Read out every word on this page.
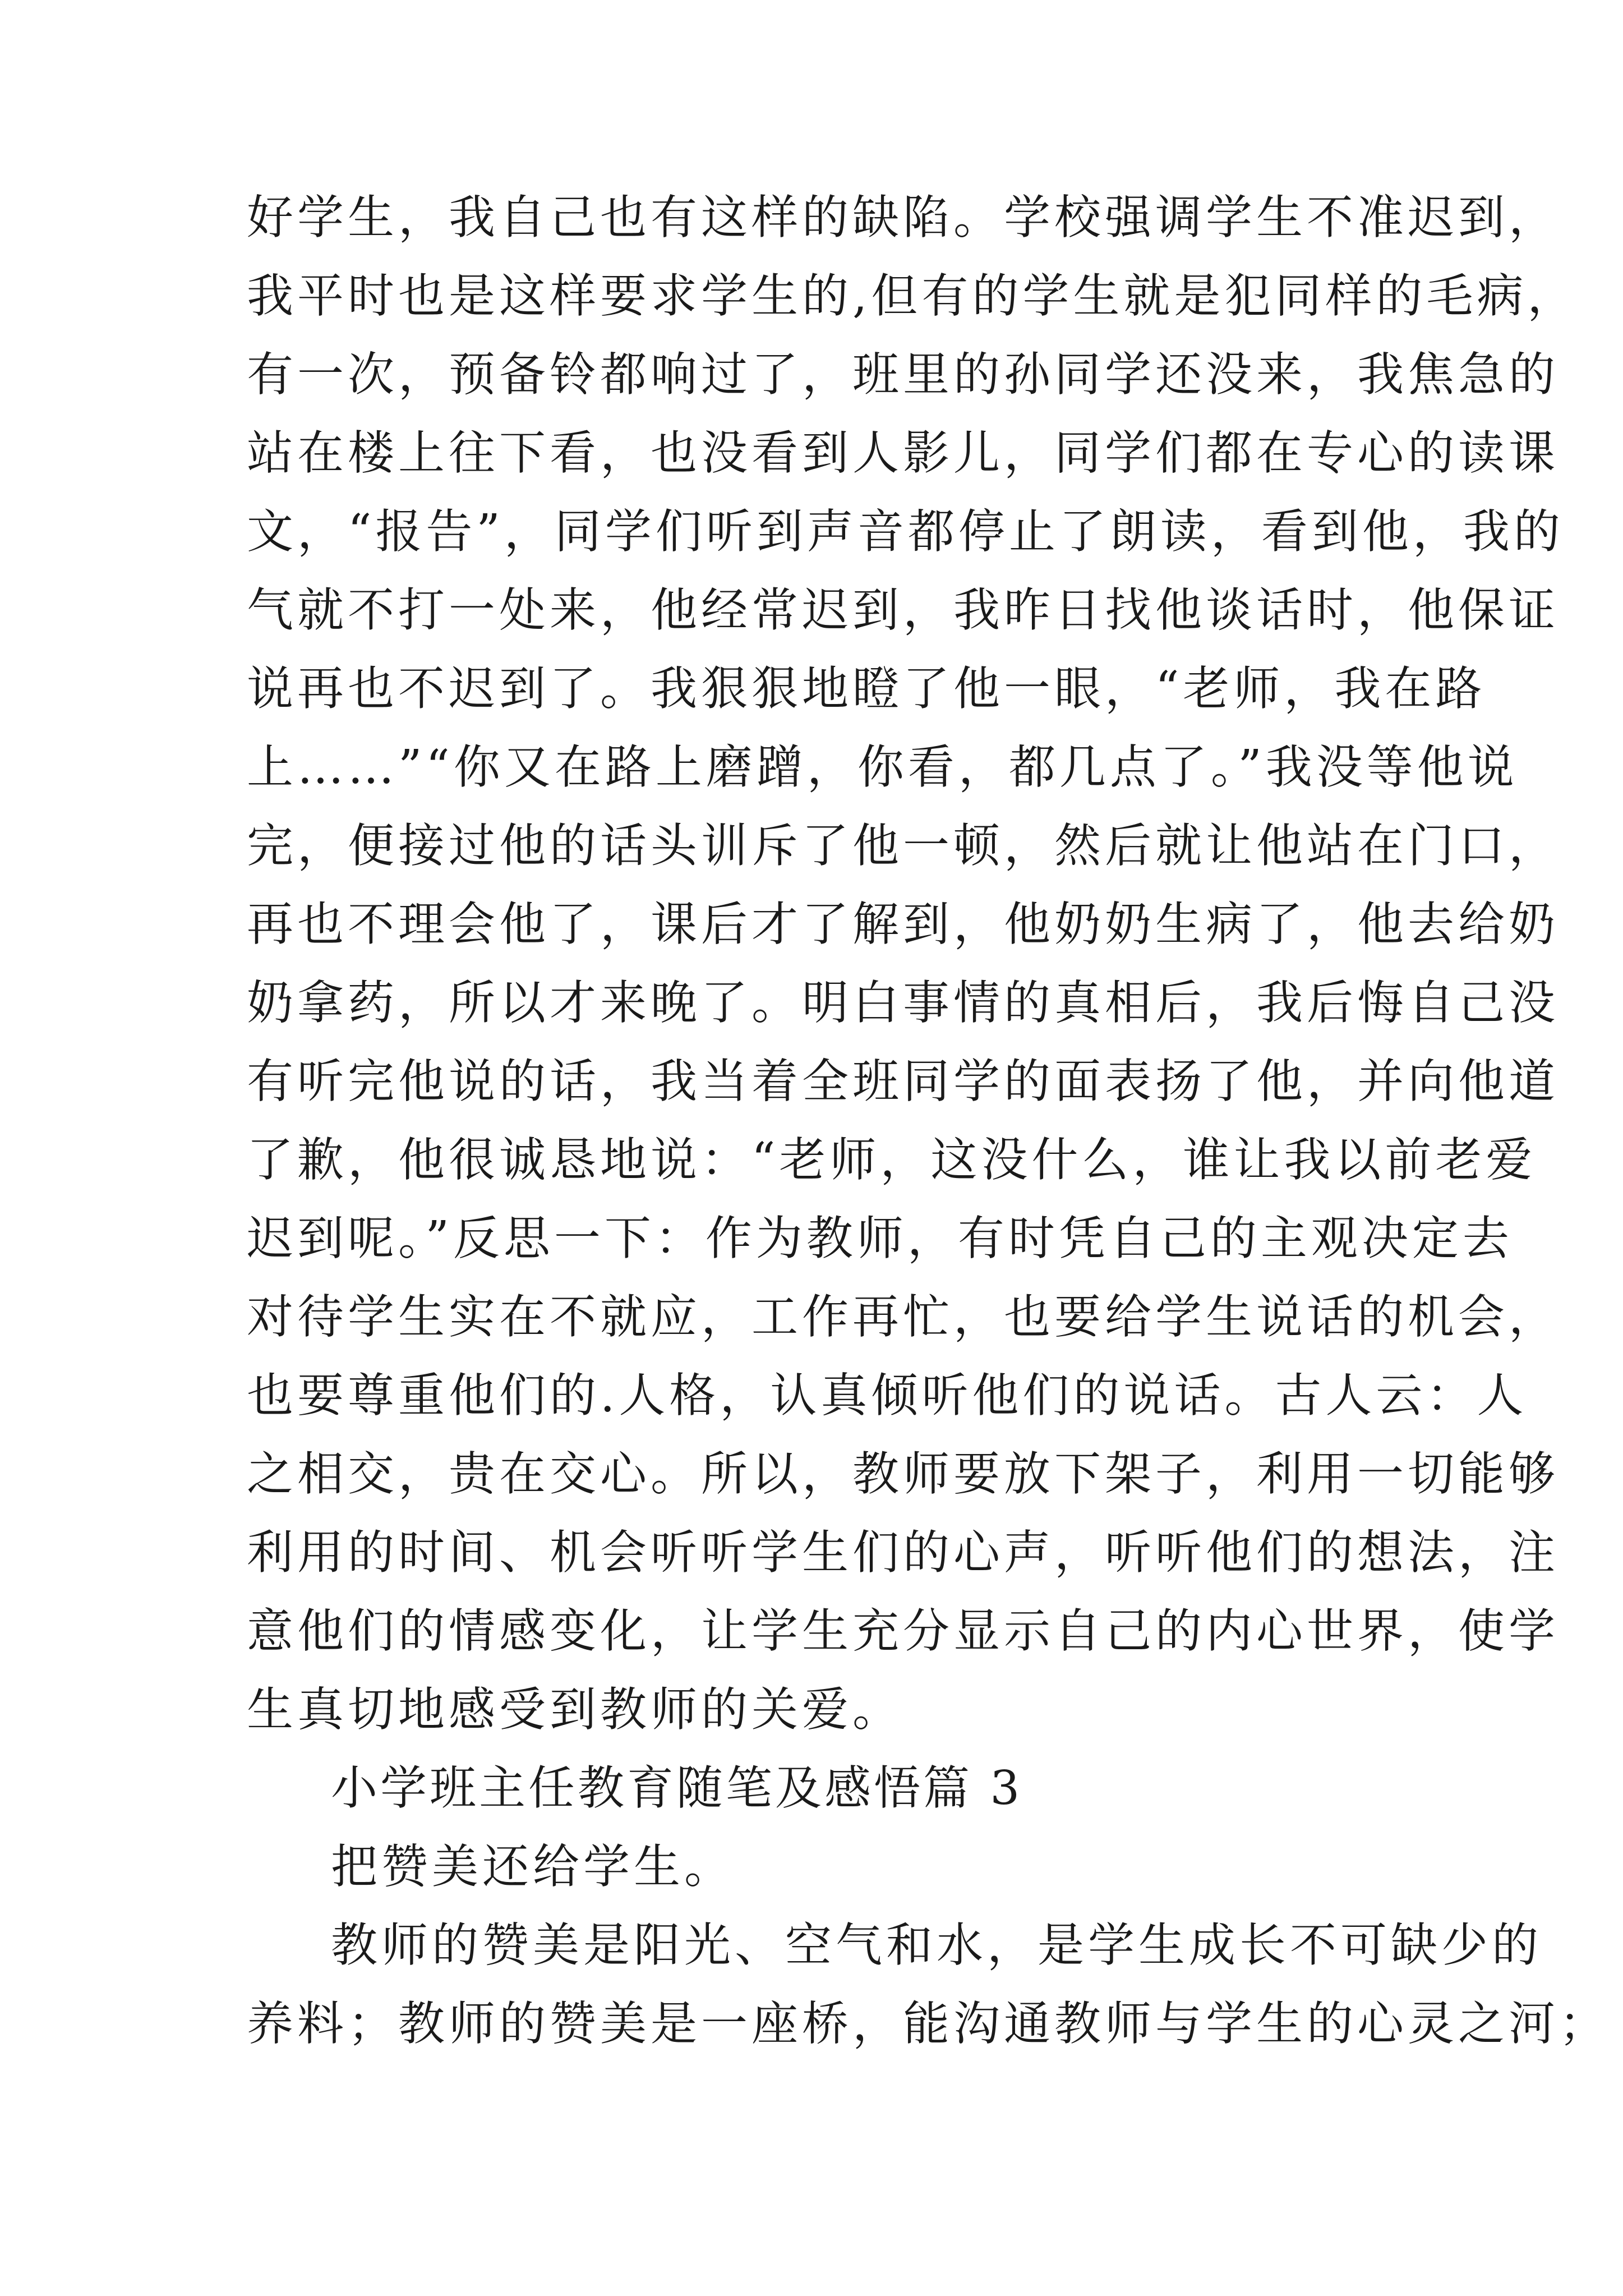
好学生，我自己也有这样的缺陷。学校强调学生不准迟到，
我平时也是这样要求学生的,但有的学生就是犯同样的毛病，
有一次，预备铃都响过了，班里的孙同学还没来，我焦急的
站在楼上往下看，也没看到人影儿，同学们都在专心的读课
文，“报告”，同学们听到声音都停止了朗读，看到他，我的
气就不打一处来，他经常迟到，我昨日找他谈话时，他保证
说再也不迟到了。我狠狠地瞪了他一眼，“老师，我在路
上……”“你又在路上磨蹭，你看，都几点了。”我没等他说
完，便接过他的话头训斥了他一顿，然后就让他站在门口，
再也不理会他了，课后才了解到，他奶奶生病了，他去给奶
奶拿药，所以才来晚了。明白事情的真相后，我后悔自己没
有听完他说的话，我当着全班同学的面表扬了他，并向他道
了歉，他很诚恳地说：“老师，这没什么，谁让我以前老爱
迟到呢。”反思一下：作为教师，有时凭自己的主观决定去
对待学生实在不就应，工作再忙，也要给学生说话的机会，
也要尊重他们的.人格，认真倾听他们的说话。古人云：人
之相交，贵在交心。所以，教师要放下架子，利用一切能够
利用的时间、机会听听学生们的心声，听听他们的想法，注
意他们的情感变化，让学生充分显示自己的内心世界，使学
生真切地感受到教师的关爱。
小学班主任教育随笔及感悟篇 3
把赞美还给学生。
教师的赞美是阳光、空气和水，是学生成长不可缺少的
养料；教师的赞美是一座桥，能沟通教师与学生的心灵之河；
